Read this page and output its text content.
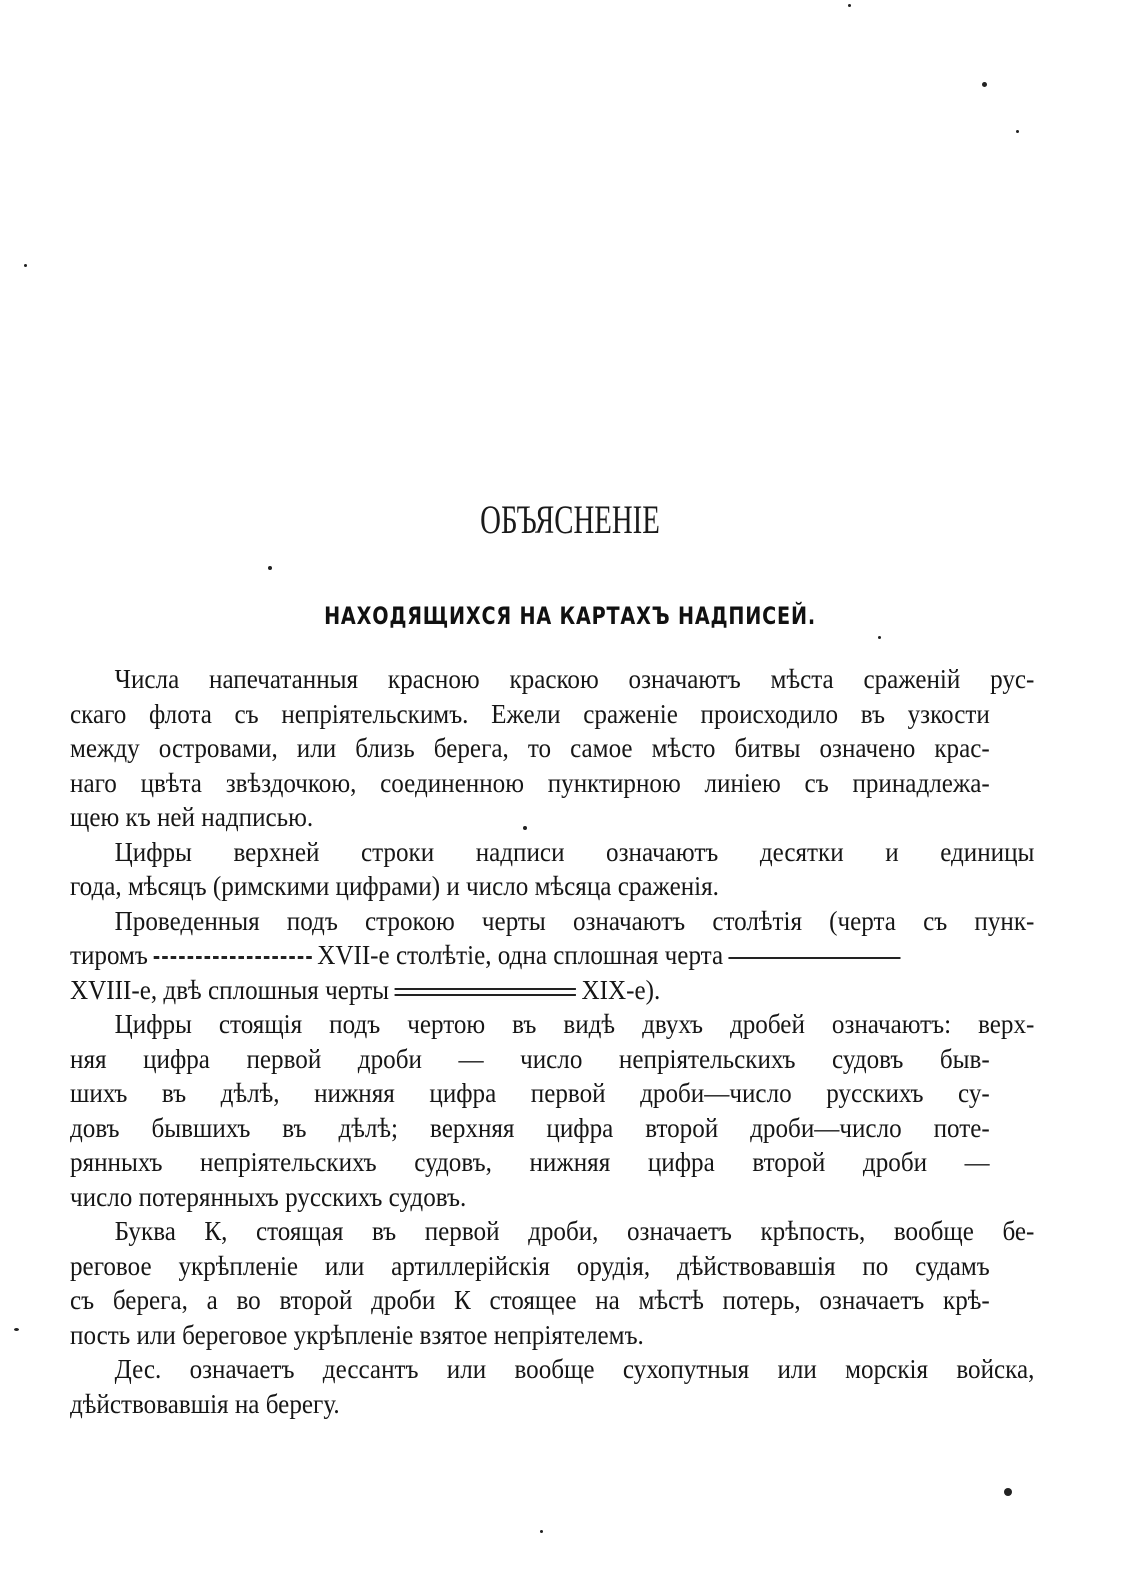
ОБЪЯСНЕНІЕ
НАХОДЯЩИХСЯ НА КАРТАХЪ НАДПИСЕЙ.
Числа напечатанныя красною краскою означаютъ мѣста сраженій рус-
скаго флота съ непріятельскимъ. Ежели сраженіе происходило въ узкости
между островами, или близь берега, то самое мѣсто битвы означено крас-
наго цвѣта звѣздочкою, соединенною пунктирною линіею съ принадлежа-
щею къ ней надписью.
Цифры верхней строки надписи означаютъ десятки и единицы
года, мѣсяцъ (римскими цифрами) и число мѣсяца сраженія.
Проведенныя подъ строкою черты означаютъ столѣтія (черта съ пунк-
тиромъ	XVII-е столѣтіе, одна сплошная черта
XVIII-е, двѣ сплошныя черты	XIX-е).
Цифры стоящія подъ чертою въ видѣ двухъ дробей означаютъ: верх-
няя цифра первой дроби — число непріятельскихъ судовъ быв-
шихъ въ дѣлѣ, нижняя цифра первой дроби—число русскихъ су-
довъ бывшихъ въ дѣлѣ; верхняя цифра второй дроби—число поте-
рянныхъ непріятельскихъ судовъ, нижняя цифра второй дроби —
число потерянныхъ русскихъ судовъ.
Буква К, стоящая въ первой дроби, означаетъ крѣпость, вообще бе-
реговое укрѣпленіе или артиллерійскія орудія, дѣйствовавшія по судамъ
съ берега, а во второй дроби К стоящее на мѣстѣ потерь, означаетъ крѣ-
пость или береговое укрѣпленіе взятое непріятелемъ.
Дес. означаетъ дессантъ или вообще сухопутныя или морскія войска,
дѣйствовавшія на берегу.
